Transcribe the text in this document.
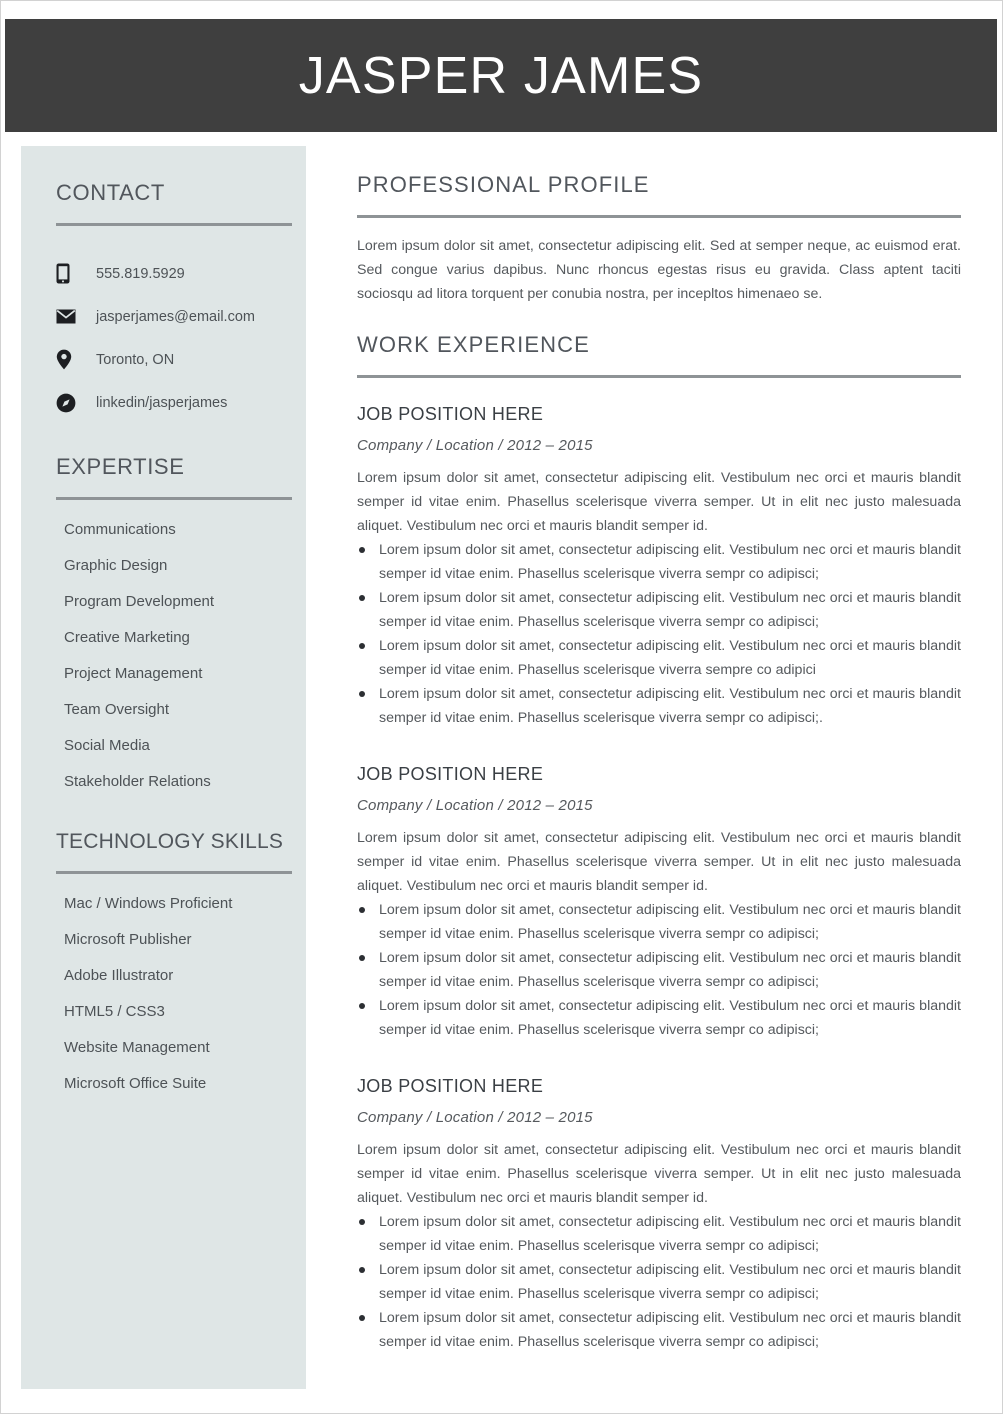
JASPER JAMES
CONTACT
555.819.5929
jasperjames@email.com
Toronto, ON
linkedin/jasperjames
EXPERTISE
Communications
Graphic Design
Program Development
Creative Marketing
Project Management
Team Oversight
Social Media
Stakeholder Relations
TECHNOLOGY SKILLS
Mac / Windows Proficient
Microsoft Publisher
Adobe Illustrator
HTML5 / CSS3
Website Management
Microsoft Office Suite
PROFESSIONAL PROFILE

Lorem ipsum dolor sit amet, consectetur adipiscing elit. Sed at semper neque, ac euismod erat. Sed congue varius dapibus. Nunc rhoncus egestas risus eu gravida. Class aptent taciti sociosqu ad litora torquent per conubia nostra, per incepltos himenaeo se.

WORK EXPERIENCE
JOB POSITION HERE
Company / Location / 2012 – 2015

Lorem ipsum dolor sit amet, consectetur adipiscing elit. Vestibulum nec orci et mauris blandit semper id vitae enim. Phasellus scelerisque viverra semper. Ut in elit nec justo malesuada aliquet. Vestibulum nec orci et mauris blandit semper id.

Lorem ipsum dolor sit amet, consectetur adipiscing elit. Vestibulum nec orci et mauris blandit semper id vitae enim. Phasellus scelerisque viverra sempr co adipisci;
Lorem ipsum dolor sit amet, consectetur adipiscing elit. Vestibulum nec orci et mauris blandit semper id vitae enim. Phasellus scelerisque viverra sempr co adipisci;
Lorem ipsum dolor sit amet, consectetur adipiscing elit. Vestibulum nec orci et mauris blandit semper id vitae enim. Phasellus scelerisque viverra sempre co adipici
Lorem ipsum dolor sit amet, consectetur adipiscing elit. Vestibulum nec orci et mauris blandit semper id vitae enim. Phasellus scelerisque viverra sempr co adipisci;.
JOB POSITION HERE
Company / Location / 2012 – 2015

Lorem ipsum dolor sit amet, consectetur adipiscing elit. Vestibulum nec orci et mauris blandit semper id vitae enim. Phasellus scelerisque viverra semper. Ut in elit nec justo malesuada aliquet. Vestibulum nec orci et mauris blandit semper id.

Lorem ipsum dolor sit amet, consectetur adipiscing elit. Vestibulum nec orci et mauris blandit semper id vitae enim. Phasellus scelerisque viverra sempr co adipisci;
Lorem ipsum dolor sit amet, consectetur adipiscing elit. Vestibulum nec orci et mauris blandit semper id vitae enim. Phasellus scelerisque viverra sempr co adipisci;
Lorem ipsum dolor sit amet, consectetur adipiscing elit. Vestibulum nec orci et mauris blandit semper id vitae enim. Phasellus scelerisque viverra sempr co adipisci;
JOB POSITION HERE
Company / Location / 2012 – 2015

Lorem ipsum dolor sit amet, consectetur adipiscing elit. Vestibulum nec orci et mauris blandit semper id vitae enim. Phasellus scelerisque viverra semper. Ut in elit nec justo malesuada aliquet. Vestibulum nec orci et mauris blandit semper id.

Lorem ipsum dolor sit amet, consectetur adipiscing elit. Vestibulum nec orci et mauris blandit semper id vitae enim. Phasellus scelerisque viverra sempr co adipisci;
Lorem ipsum dolor sit amet, consectetur adipiscing elit. Vestibulum nec orci et mauris blandit semper id vitae enim. Phasellus scelerisque viverra sempr co adipisci;
Lorem ipsum dolor sit amet, consectetur adipiscing elit. Vestibulum nec orci et mauris blandit semper id vitae enim. Phasellus scelerisque viverra sempr co adipisci;
